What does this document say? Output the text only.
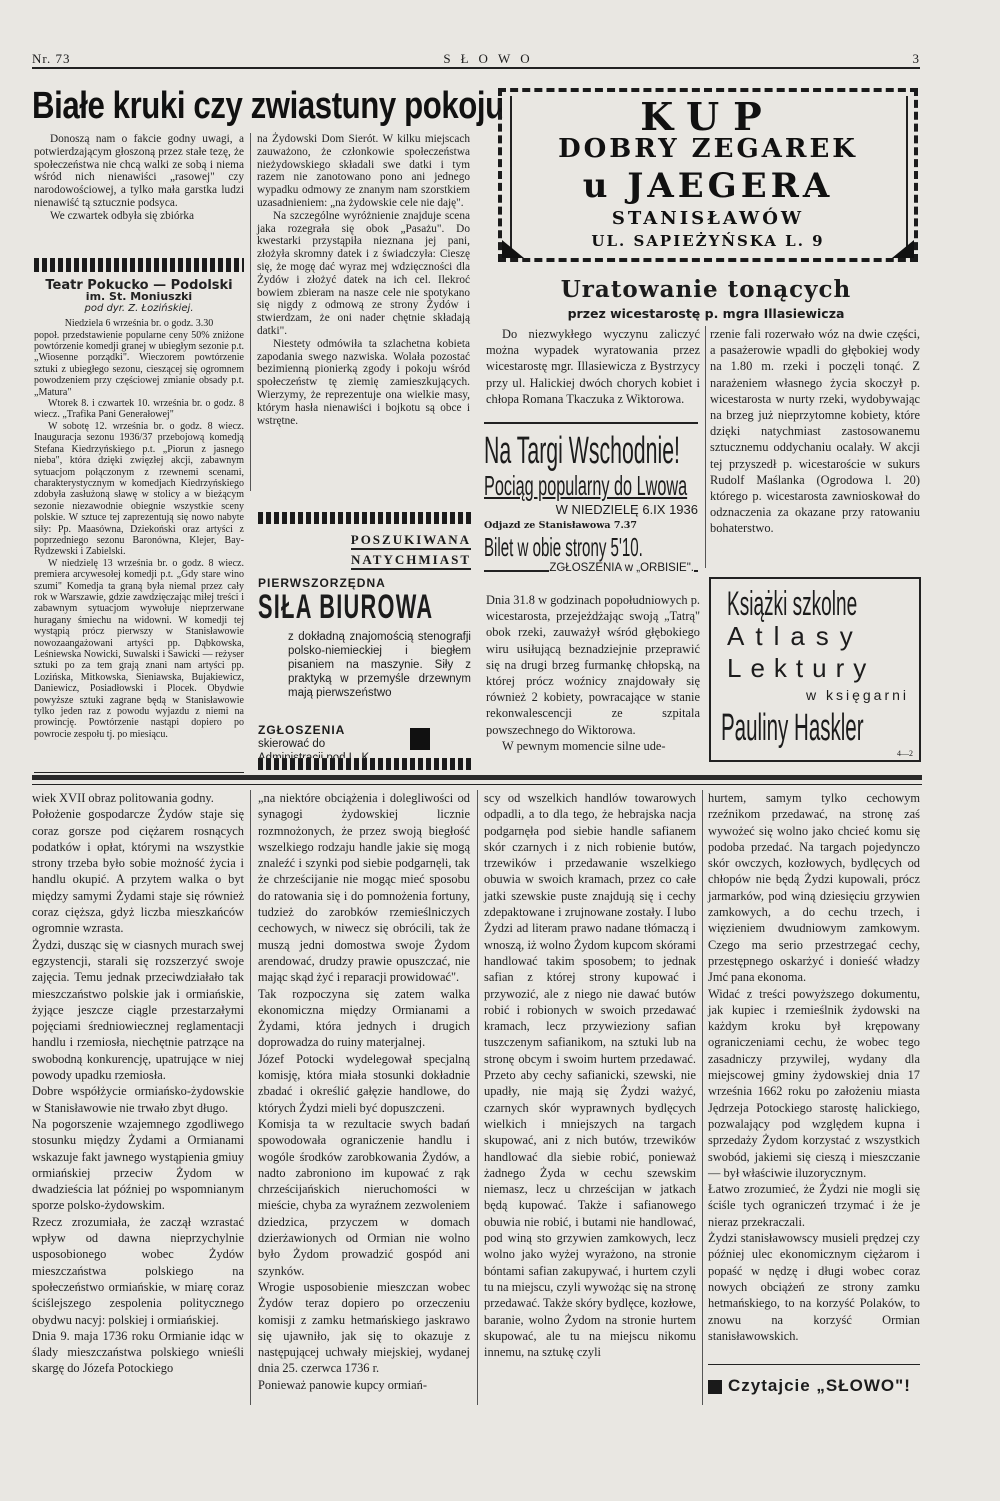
Nr. 73	SŁOWO	3
Białe kruki czy zwiastuny pokoju

Donoszą nam o fakcie godny uwagi, a potwierdzającym głoszoną przez stałe tezę, że społeczeństwa nie chcą walki ze sobą i niema wśród nich nienawiści „rasowej" czy narodowościowej, a tylko mała garstka ludzi nienawiść tą sztucznie podsyca.

We czwartek odbyła się zbiórka

na Żydowski Dom Sierót. W kilku miejscach zauważono, że członkowie społeczeństwa nieżydowskiego składali swe datki i tym razem nie zanotowano pono ani jednego wypadku odmowy ze znanym nam szorstkiem uzasadnieniem: „na żydowskie cele nie daję".

Na szczególne wyróżnienie znajduje scena jaka rozegrała się obok „Pasażu". Do kwestarki przystąpiła nieznana jej pani, złożyła skromny datek i z świadczyła: Cieszę się, że mogę dać wyraz mej wdzięczności dla Żydów i złożyć datek na ich cel. Ilekroć bowiem zbieram na nasze cele nie spotykano się nigdy z odmową ze strony Żydów i stwierdzam, że oni nader chętnie składają datki".

Niestety odmówiła ta szlachetna kobieta zapodania swego nazwiska. Wolała pozostać bezimienną pionierką zgody i pokoju wśród społeczeństw tę ziemię zamieszkujących. Wierzymy, że reprezentuje ona wielkie masy, którym hasła nienawiści i bojkotu są obce i wstrętne.

Teatr Pokucko — Podolski
im. St. Moniuszki
pod dyr. Z. Łozińskiej.
Niedziela 6 września br. o godz. 3.30
popoł. przedstawienie popularne ceny 50% zniżone powtórzenie komedji granej w ubiegłym sezonie p.t. „Wiosenne porządki". Wieczorem powtórzenie sztuki z ubiegłego sezonu, cieszącej się ogromnem powodzeniem przy częściowej zmianie obsady p.t. „Matura"
Wtorek 8. i czwartek 10. września br. o godz. 8 wiecz. „Trafika Pani Generałowej"
W sobotę 12. września br. o godz. 8 wiecz. Inauguracja sezonu 1936/37 przebojową komedją Stefana Kiedrzyńskiego p.t. „Piorun z jasnego nieba", która dzięki zwięzłej akcji, zabawnym sytuacjom połączonym z rzewnemi scenami, charakterystycznym w komedjach Kiedrzyńskiego zdobyła zasłużoną sławę w stolicy a w bieżącym sezonie niezawodnie obiegnie wszystkie sceny polskie. W sztuce tej zaprezentują się nowo nabyte siły: Pp. Maasówna, Dziekoński oraz artyści z poprzedniego sezonu Baronówna, Klejer, Bay-Rydzewski i Zabielski.
W niedzielę 13 września br. o godz. 8 wiecz. premiera arcywesołej komedji p.t. „Gdy stare wino szumi" Komedja ta graną była niemal przez cały rok w Warszawie, gdzie zawdzięczając miłej treści i zabawnym sytuacjom wywołuje nieprzerwane huragany śmiechu na widowni. W komedji tej wystąpią prócz pierwszy w Stanisławowie nowozaangażowani artyści pp. Dąbkowska, Leśniewska Nowicki, Suwalski i Sawicki — reżyser sztuki po za tem grają znani nam artyści pp. Lozińska, Mitkowska, Sieniawska, Bujakiewicz, Daniewicz, Posiadłowski i Plocek. Obydwie powyższe sztuki zagrane będą w Stanisławowie tylko jeden raz z powodu wyjazdu z niemi na prowincję. Powtórzenie nastąpi dopiero po powrocie zespołu tj. po miesiącu.
POSZUKIWANA
NATYCHMIAST
PIERWSZORZĘDNA
SIŁA BIUROWA
z dokładną znajomością stenografji polsko-niemieckiej i biegłem pisaniem na maszynie. Siły z praktyką w przemyśle drzewnym mają pierwszeństwo
ZGŁOSZENIA
skierować do
KUP
DOBRY ZEGAREK
u JAEGERA
STANISŁAWÓW
UL. SAPIEŻYŃSKA L. 9
Uratowanie tonących
przez wicestarostę p. mgra Illasiewicza

Do niezwykłego wyczynu zaliczyć można wypadek wyratowania przez wicestarostę mgr. Illasiewicza z Bystrzycy przy ul. Halickiej dwóch chorych kobiet i chłopa Romana Tkaczuka z Wiktorowa.

rzenie fali rozerwało wóz na dwie części, a pasażerowie wpadli do głębokiej wody na 1.80 m. rzeki i poczęli tonąć. Z narażeniem własnego życia skoczył p. wicestarosta w nurty rzeki, wydobywając na brzeg już nieprzytomne kobiety, które dzięki natychmiast zastosowanemu sztucznemu oddychaniu ocalały. W akcji tej przyszedł p. wicestaroście w sukurs Rudolf Maślanka (Ogrodowa l. 20) którego p. wicestarosta zawnioskował do odznaczenia za okazane przy ratowaniu bohaterstwo.

Na Targi Wschodnie!
Pociąg popularny do Lwowa
W NIEDZIELĘ 6.IX 1936
Odjazd ze Stanisławowa 7.37
Bilet w obie strony 5'10.
ZGŁOSZENIA w „ORBISIE".

Dnia 31.8 w godzinach popołudniowych p. wicestarosta, przejeżdżając swoją „Tatrą" obok rzeki, zauważył wśród głębokiego wiru usiłującą beznadziejnie przeprawić się na drugi brzeg furmankę chłopską, na której prócz woźnicy znajdowały się również 2 kobiety, powracające w stanie rekonwalescencji ze szpitala powszechnego do Wiktorowa.

W pewnym momencie silne ude-

Książki szkolne
Atlasy
Lektury
w księgarni
Pauliny Haskler
4—2
wiek XVII obraz politowania godny.
Położenie gospodarcze Żydów staje się coraz gorsze pod ciężarem rosnących podatków i opłat, którymi na wszystkie strony trzeba było sobie możność życia i handlu okupić. A przytem walka o byt między samymi Żydami staje się również coraz cięższa, gdyż liczba mieszkańców ogromnie wzrasta.
Żydzi, dusząc się w ciasnych murach swej egzystencji, starali się rozszerzyć swoje zajęcia. Temu jednak przeciwdziałało tak mieszczaństwo polskie jak i ormiańskie, żyjące jeszcze ciągle przestarzałymi pojęciami średniowiecznej reglamentacji handlu i rzemiosła, niechętnie patrzące na swobodną konkurencję, upatrujące w niej powody upadku rzemiosła.
Dobre współżycie ormiańsko-żydowskie w Stanisławowie nie trwało zbyt długo.
Na pogorszenie wzajemnego zgodliwego stosunku między Żydami a Ormianami wskazuje fakt jawnego wystąpienia gmiuy ormiańskiej przeciw Żydom w dwadzieścia lat później po wspomnianym sporze polsko-żydowskim.
Rzecz zrozumiała, że zaczął wzrastać wpływ od dawna nieprzychylnie usposobionego wobec Żydów mieszczaństwa polskiego na społeczeństwo ormiańskie, w miarę coraz ściślejszego zespolenia politycznego obydwu nacyj: polskiej i ormiańskiej.
Dnia 9. maja 1736 roku Ormianie idąc w ślady mieszczaństwa polskiego wnieśli skargę do Józefa Potockiego
„na niektóre obciążenia i dolegliwości od synagogi żydowskiej licznie rozmnożonych, że przez swoją biegłość wszelkiego rodzaju handle jakie się mogą znaleźć i szynki pod siebie podgarnęli, tak że chrześcijanie nie mogąc mieć sposobu do ratowania się i do pomnożenia fortuny, tudzież do zarobków rzemieślniczych cechowych, w niwecz się obrócili, tak że muszą jedni domostwa swoje Żydom arendować, drudzy prawie opuszczać, nie mając skąd żyć i reparacji prowidować".
Tak rozpoczyna się zatem walka ekonomiczna między Ormianami a Żydami, która jednych i drugich doprowadza do ruiny materjalnej.
Józef Potocki wydelegował specjalną komisję, która miała stosunki dokładnie zbadać i określić gałęzie handlowe, do których Żydzi mieli być dopuszczeni.
Komisja ta w rezultacie swych badań spowodowała ograniczenie handlu i wogóle środków zarobkowania Żydów, a nadto zabroniono im kupować z rąk chrześcijańskich nieruchomości w mieście, chyba za wyraźnem zezwoleniem dziedzica, przyczem w domach dzierżawionych od Ormian nie wolno było Żydom prowadzić gospód ani szynków.
Wrogie usposobienie mieszczan wobec Żydów teraz dopiero po orzeczeniu komisji z zamku hetmańskiego jaskrawo się ujawniło, jak się to okazuje z następującej uchwały miejskiej, wydanej dnia 25. czerwca 1736 r.
Ponieważ panowie kupcy ormiań-
scy od wszelkich handlów towarowych odpadli, a to dla tego, że hebrajska nacja podgarnęła pod siebie handle safianem skór czarnych i z nich robienie butów, trzewików i przedawanie wszelkiego obuwia w swoich kramach, przez co całe jatki szewskie puste znajdują się i cechy zdepaktowane i zrujnowane zostały. I lubo Żydzi ad literam prawo nadane tłómaczą i wnoszą, iż wolno Żydom kupcom skórami handlować takim sposobem; to jednak safian z której strony kupować i przywozić, ale z niego nie dawać butów robić i robionych w swoich przedawać kramach, lecz przywieziony safian tuszczenym safianikom, na sztuki lub na stronę obcym i swoim hurtem przedawać. Przeto aby cechy safianicki, szewski, nie upadły, nie mają się Żydzi ważyć, czarnych skór wyprawnych bydlęcych wielkich i mniejszych na targach skupować, ani z nich butów, trzewików handlować dla siebie robić, ponieważ żadnego Żyda w cechu szewskim niemasz, lecz u chrześcijan w jatkach będą kupować. Także i safianowego obuwia nie robić, i butami nie handlować, pod winą sto grzywien zamkowych, lecz wolno jako wyżej wyrażono, na stronie bóntami safian zakupywać, i hurtem czyli tu na miejscu, czyli wywożąc się na stronę przedawać. Także skóry bydlęce, kozłowe, baranie, wolno Żydom na stronie hurtem skupować, ale tu na miejscu nikomu innemu, na sztukę czyli
hurtem, samym tylko cechowym rzeźnikom przedawać, na stronę zaś wywożeć się wolno jako chcieć komu się podoba przedać. Na targach pojedynczo skór owczych, kozłowych, bydlęcych od chłopów nie będą Żydzi kupowali, prócz jarmarków, pod winą dziesięciu grzywien zamkowych, a do cechu trzech, i więzieniem dwudniowym zamkowym. Czego ma serio przestrzegać cechy, przestępnego oskarżyć i donieść władzy Jmć pana ekonoma.
Widać z treści powyższego dokumentu, jak kupiec i rzemieślnik żydowski na każdym kroku był krępowany ograniczeniami cechu, że wobec tego zasadniczy przywilej, wydany dla miejscowej gminy żydowskiej dnia 17 września 1662 roku po założeniu miasta Jędrzeja Potockiego starostę halickiego, pozwalający pod względem kupna i sprzedaży Żydom korzystać z wszystkich swobód, jakiemi się cieszą i mieszczanie — był właściwie iluzorycznym.
Łatwo zrozumieć, że Żydzi nie mogli się ściśle tych ograniczeń trzymać i że je nieraz przekraczali.
Żydzi stanisławowscy musieli prędzej czy później ulec ekonomicznym ciężarom i popaść w nędzę i długi wobec coraz nowych obciążeń ze strony zamku hetmańskiego, to na korzyść Polaków, to znowu na korzyść Ormian stanisławowskich.
Czytajcie „SŁOWO"!
